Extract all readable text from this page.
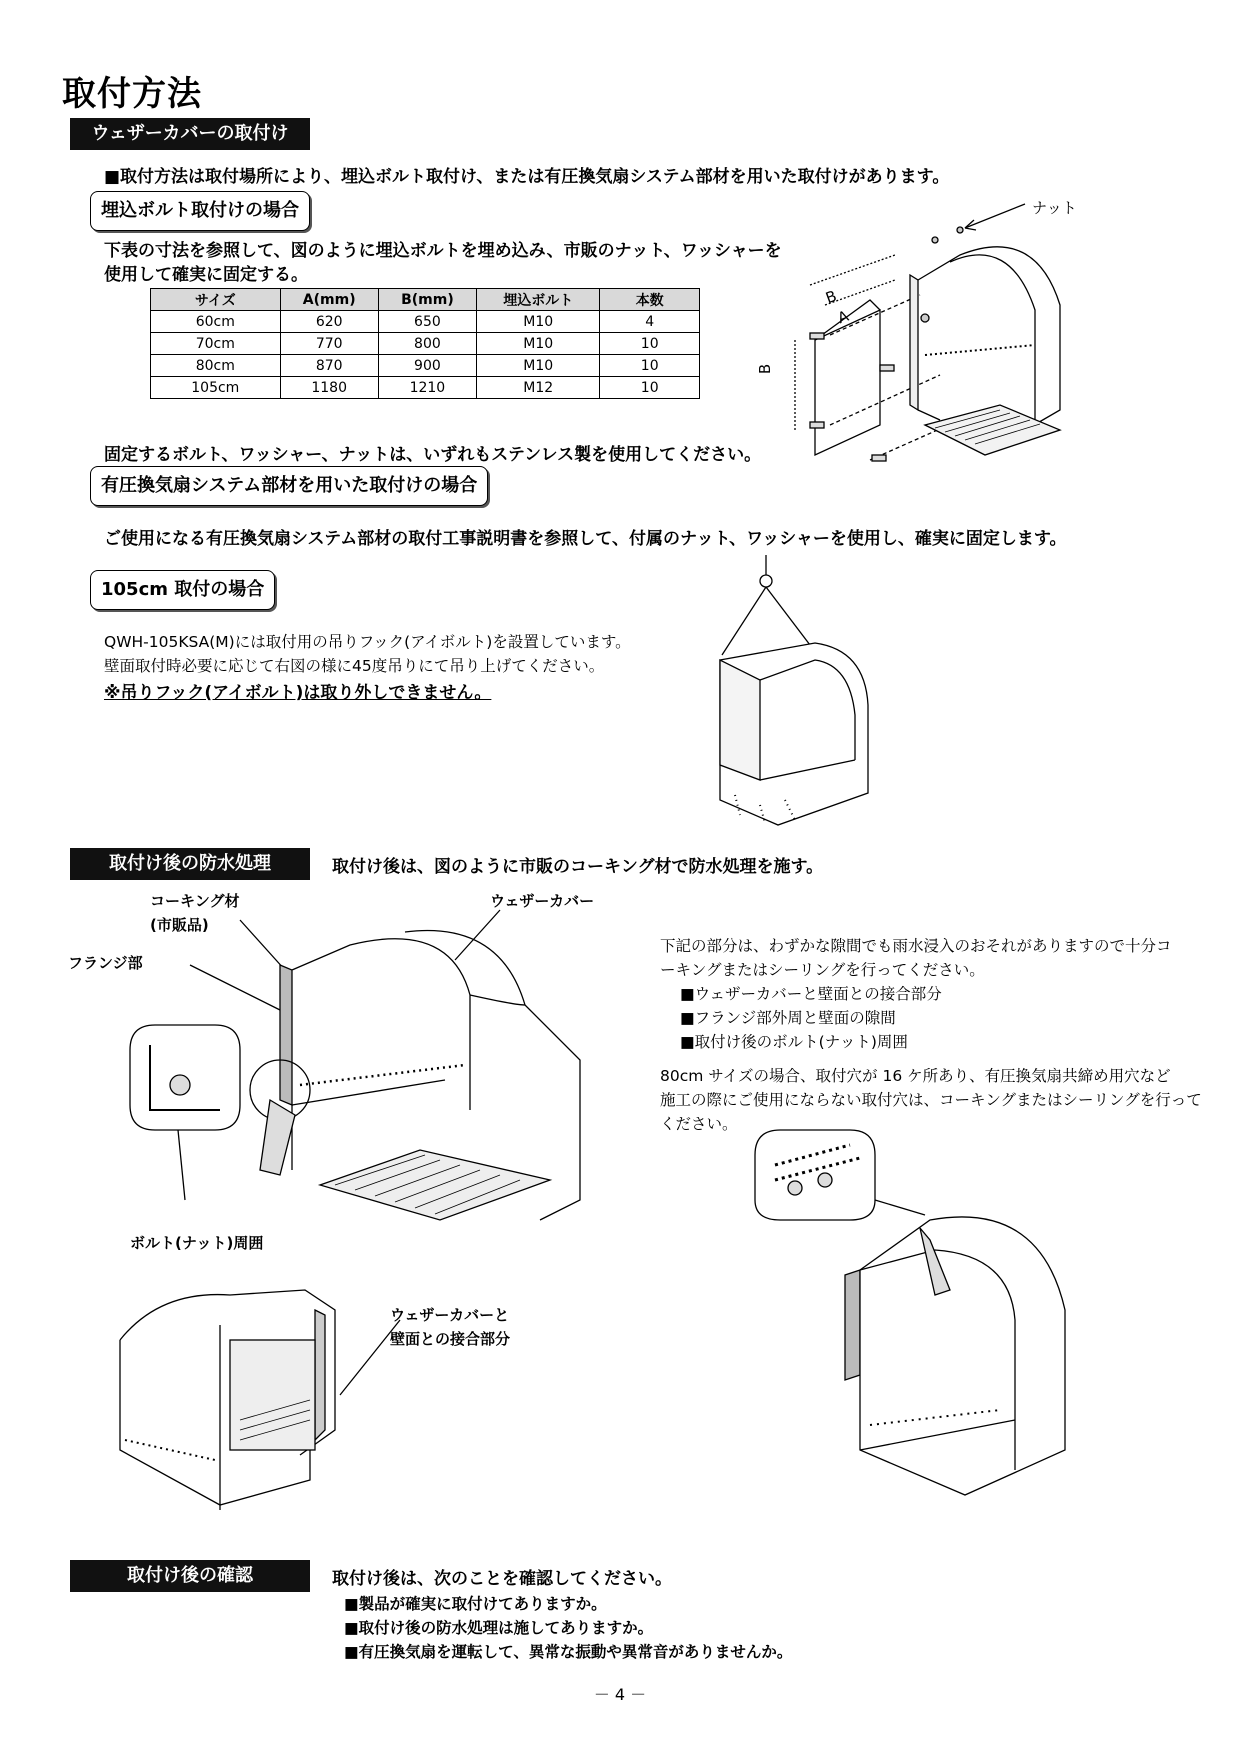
取付方法
ウェザーカバーの取付け
■取付方法は取付場所により、埋込ボルト取付け、または有圧換気扇システム部材を用いた取付けがあります。
埋込ボルト取付けの場合
下表の寸法を参照して、図のように埋込ボルトを埋め込み、市販のナット、ワッシャーを
使用して確実に固定する。
サイズ	A(mm)	B(mm)	埋込ボルト	本数
60cm	620	650	M10	4
70cm	770	800	M10	10
80cm	870	900	M10	10
105cm	1180	1210	M12	10
固定するボルト、ワッシャー、ナットは、いずれもステンレス製を使用してください。
ナット
B
A
B
有圧換気扇システム部材を用いた取付けの場合
ご使用になる有圧換気扇システム部材の取付工事説明書を参照して、付属のナット、ワッシャーを使用し、確実に固定します。
105cm 取付の場合
QWH-105KSA(M)には取付用の吊りフック(アイボルト)を設置しています。
壁面取付時必要に応じて右図の様に45度吊りにて吊り上げてください。
※吊りフック(アイボルト)は取り外しできません。
取付け後の防水処理	取付け後は、図のように市販のコーキング材で防水処理を施す。
コーキング材
(市販品)
フランジ部
ウェザーカバー
ボルト(ナット)周囲
ウェザーカバーと
壁面との接合部分
下記の部分は、わずかな隙間でも雨水浸入のおそれがありますので十分コ
ーキングまたはシーリングを行ってください。
■ウェザーカバーと壁面との接合部分
■フランジ部外周と壁面の隙間
■取付け後のボルト(ナット)周囲
80cm サイズの場合、取付穴が 16 ケ所あり、有圧換気扇共締め用穴など
施工の際にご使用にならない取付穴は、コーキングまたはシーリングを行って
ください。
取付け後の確認	取付け後は、次のことを確認してください。
■製品が確実に取付けてありますか。
■取付け後の防水処理は施してありますか。
■有圧換気扇を運転して、異常な振動や異常音がありませんか。
－ 4 －
